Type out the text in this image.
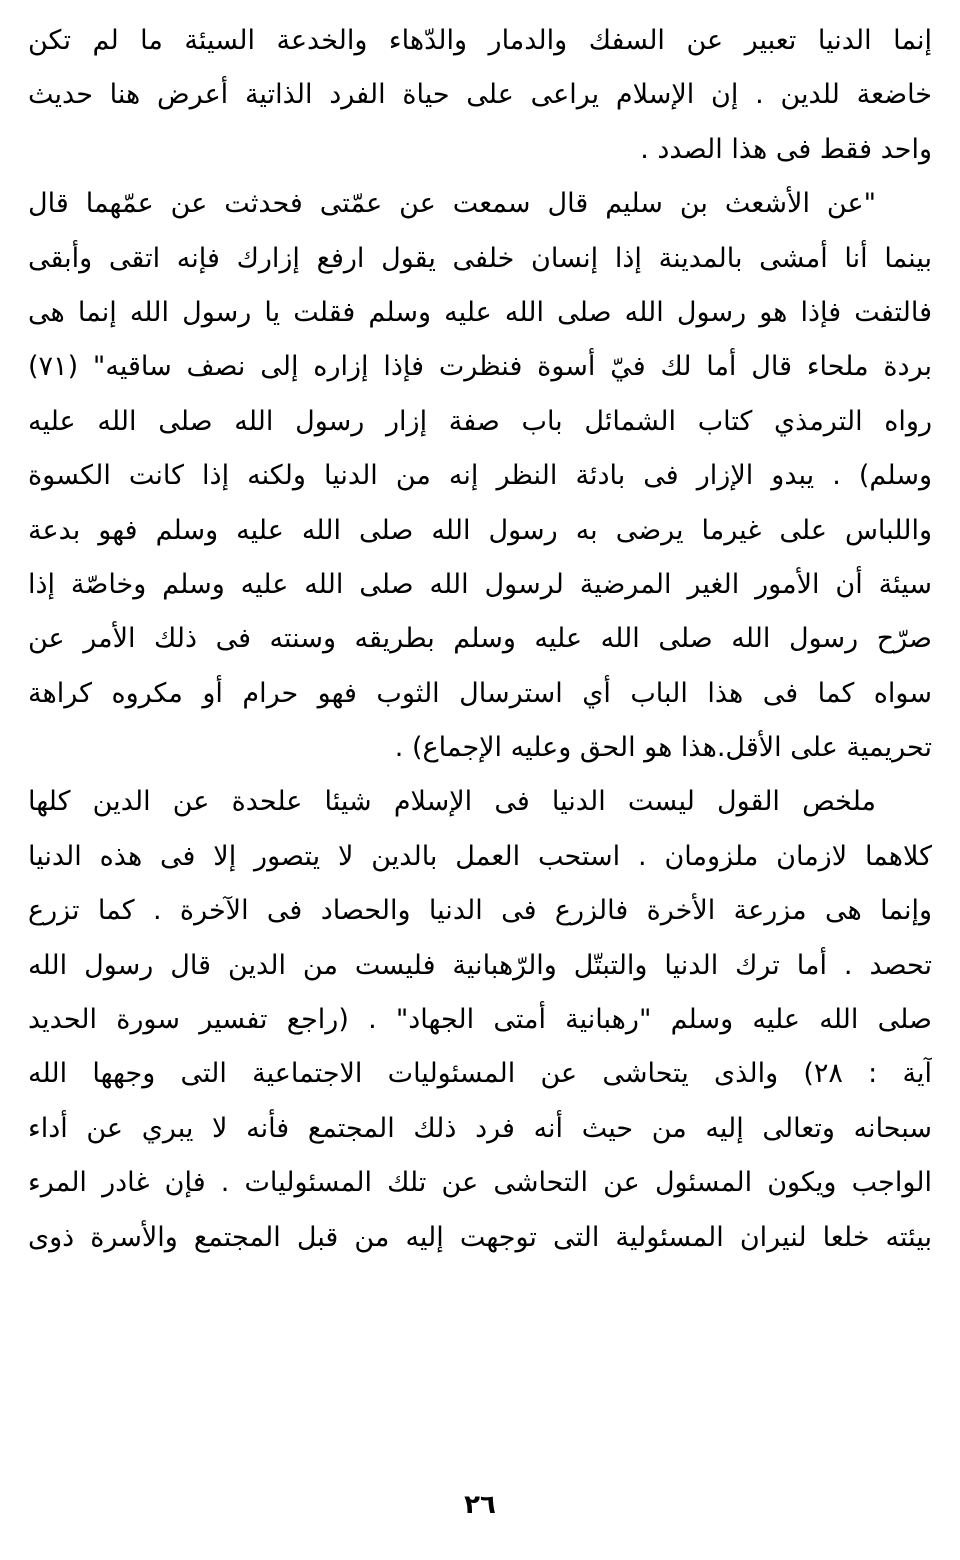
إنما الدنيا تعبير عن السفك والدمار والدّهاء والخدعة السيئة ما لم تكن
خاضعة للدين . إن الإسلام يراعى على حياة الفرد الذاتية أعرض هنا حديث
واحد فقط فى هذا الصدد .
"عن الأشعث بن سليم قال سمعت عن عمّتى فحدثت عن عمّهما قال
بينما أنا أمشى بالمدينة إذا إنسان خلفى يقول ارفع إزارك فإنه اتقى وأبقى
فالتفت فإذا هو رسول الله صلى الله عليه وسلم فقلت يا رسول الله إنما هى
بردة ملحاء قال أما لك فيّ أسوة فنظرت فإذا إزاره إلى نصف ساقيه" (٧١)
رواه الترمذي كتاب الشمائل باب صفة إزار رسول الله صلى الله عليه
وسلم) . يبدو الإزار فى بادئة النظر إنه من الدنيا ولكنه إذا كانت الكسوة
واللباس على غيرما يرضى به رسول الله صلى الله عليه وسلم فهو بدعة
سيئة أن الأمور الغير المرضية لرسول الله صلى الله عليه وسلم وخاصّة إذا
صرّح رسول الله صلى الله عليه وسلم بطريقه وسنته فى ذلك الأمر عن
سواه كما فى هذا الباب أي استرسال الثوب فهو حرام أو مكروه كراهة
تحريمية على الأقل.هذا هو الحق وعليه الإجماع) .
ملخص القول ليست الدنيا فى الإسلام شيئا علحدة عن الدين كلها
كلاهما لازمان ملزومان . استحب العمل بالدين لا يتصور إلا فى هذه الدنيا
وإنما هى مزرعة الأخرة فالزرع فى الدنيا والحصاد فى الآخرة . كما تزرع
تحصد . أما ترك الدنيا والتبتّل والرّهبانية فليست من الدين قال رسول الله
صلى الله عليه وسلم "رهبانية أمتى الجهاد" . (راجع تفسير سورة الحديد
آية : ٢٨) والذى يتحاشى عن المسئوليات الاجتماعية التى وجهها الله
سبحانه وتعالى إليه من حيث أنه فرد ذلك المجتمع فأنه لا يبري عن أداء
الواجب ويكون المسئول عن التحاشى عن تلك المسئوليات . فإن غادر المرء
بيئته خلعا لنيران المسئولية التى توجهت إليه من قبل المجتمع والأسرة ذوى
٢٦
